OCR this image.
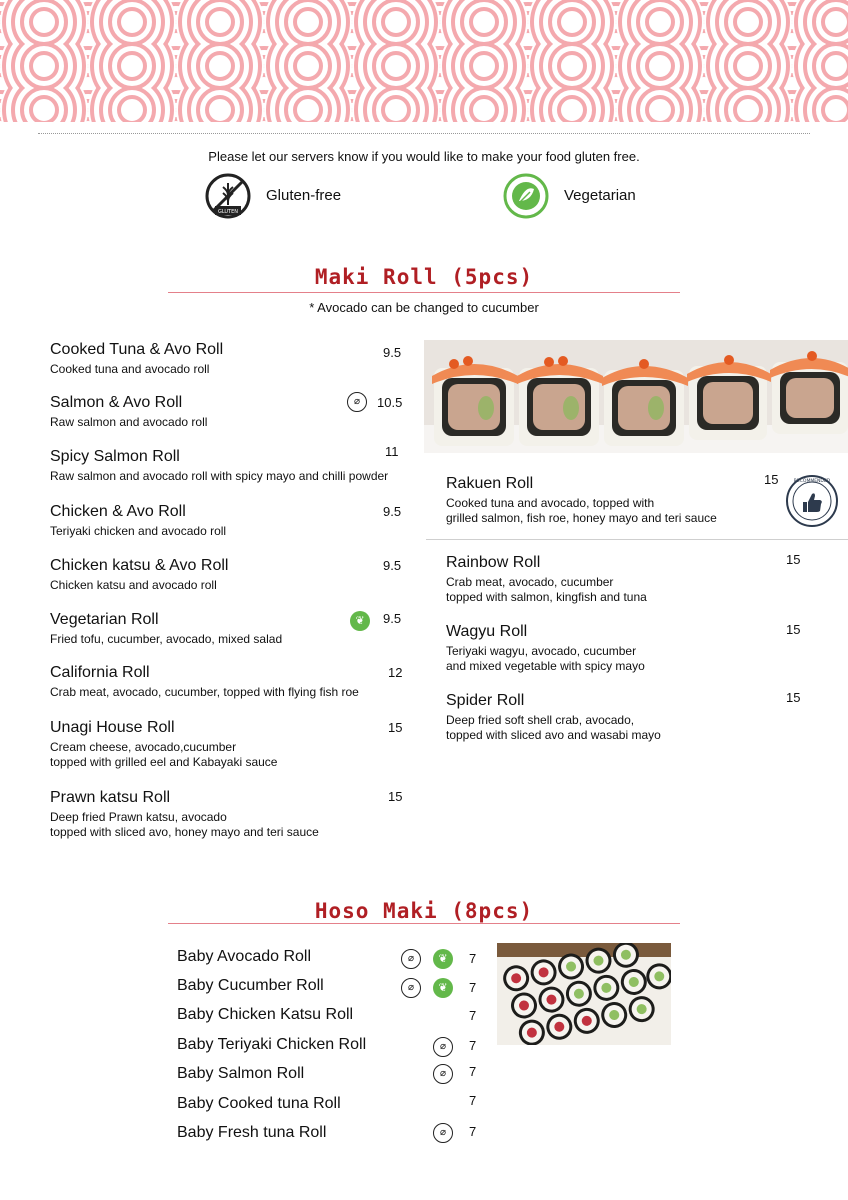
Please let our servers know if you would like to make your food gluten free.
GLUTEN
Gluten-free	Vegetarian
Maki Roll (5pcs)
* Avocado can be changed to cucumber
Cooked Tuna & Avo Roll
Cooked tuna and avocado roll
9.5
Salmon & Avo Roll
Raw salmon and avocado roll
⌀	10.5
Spicy Salmon Roll
Raw salmon and avocado roll with spicy mayo and chilli powder
11
Chicken & Avo Roll
Teriyaki chicken and avocado roll
9.5
Chicken katsu & Avo Roll
Chicken katsu and avocado roll
9.5
Vegetarian Roll
Fried tofu, cucumber, avocado, mixed salad
❦	9.5
California Roll
Crab meat, avocado, cucumber, topped with flying fish roe
12
Unagi House Roll
Cream cheese, avocado,cucumber
topped with grilled eel and Kabayaki sauce
15
Prawn katsu Roll
Deep fried Prawn katsu, avocado
topped with sliced avo, honey mayo and teri sauce
15
Rakuen Roll
Cooked tuna and avocado, topped with
grilled salmon, fish roe, honey mayo and teri sauce
15	RECOMMENDED
Rainbow Roll
Crab meat, avocado, cucumber
topped with salmon, kingfish and tuna
15
Wagyu Roll
Teriyaki wagyu, avocado, cucumber
and mixed vegetable with spicy mayo
15
Spider Roll
Deep fried soft shell crab, avocado,
topped with sliced avo and wasabi mayo
15
Hoso Maki (8pcs)
Baby Avocado Roll	⌀	❦	7
Baby Cucumber Roll	⌀	❦	7
Baby Chicken Katsu Roll	7
Baby Teriyaki Chicken Roll	⌀	7
Baby Salmon Roll	⌀	7
Baby Cooked tuna Roll	7
Baby Fresh tuna Roll	⌀	7
